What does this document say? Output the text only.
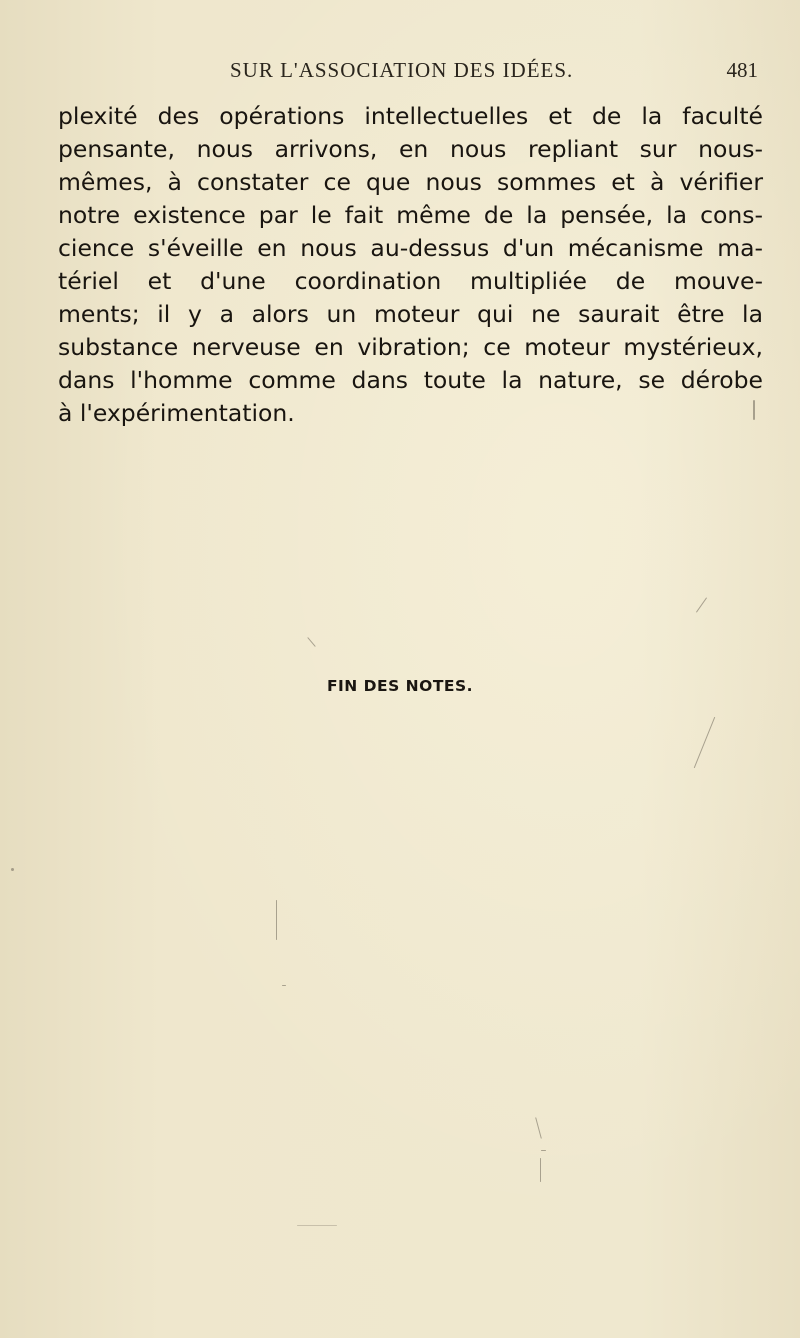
SUR L'ASSOCIATION DES IDÉES.	481
plexité des opérations intellectuelles et de la faculté
pensante, nous arrivons, en nous repliant sur nous-
mêmes, à constater ce que nous sommes et à vérifier
notre existence par le fait même de la pensée, la cons-
cience s'éveille en nous au-dessus d'un mécanisme ma-
tériel et d'une coordination multipliée de mouve-
ments; il y a alors un moteur qui ne saurait être la
substance nerveuse en vibration; ce moteur mystérieux,
dans l'homme comme dans toute la nature, se dérobe
à l'expérimentation.
FIN DES NOTES.
